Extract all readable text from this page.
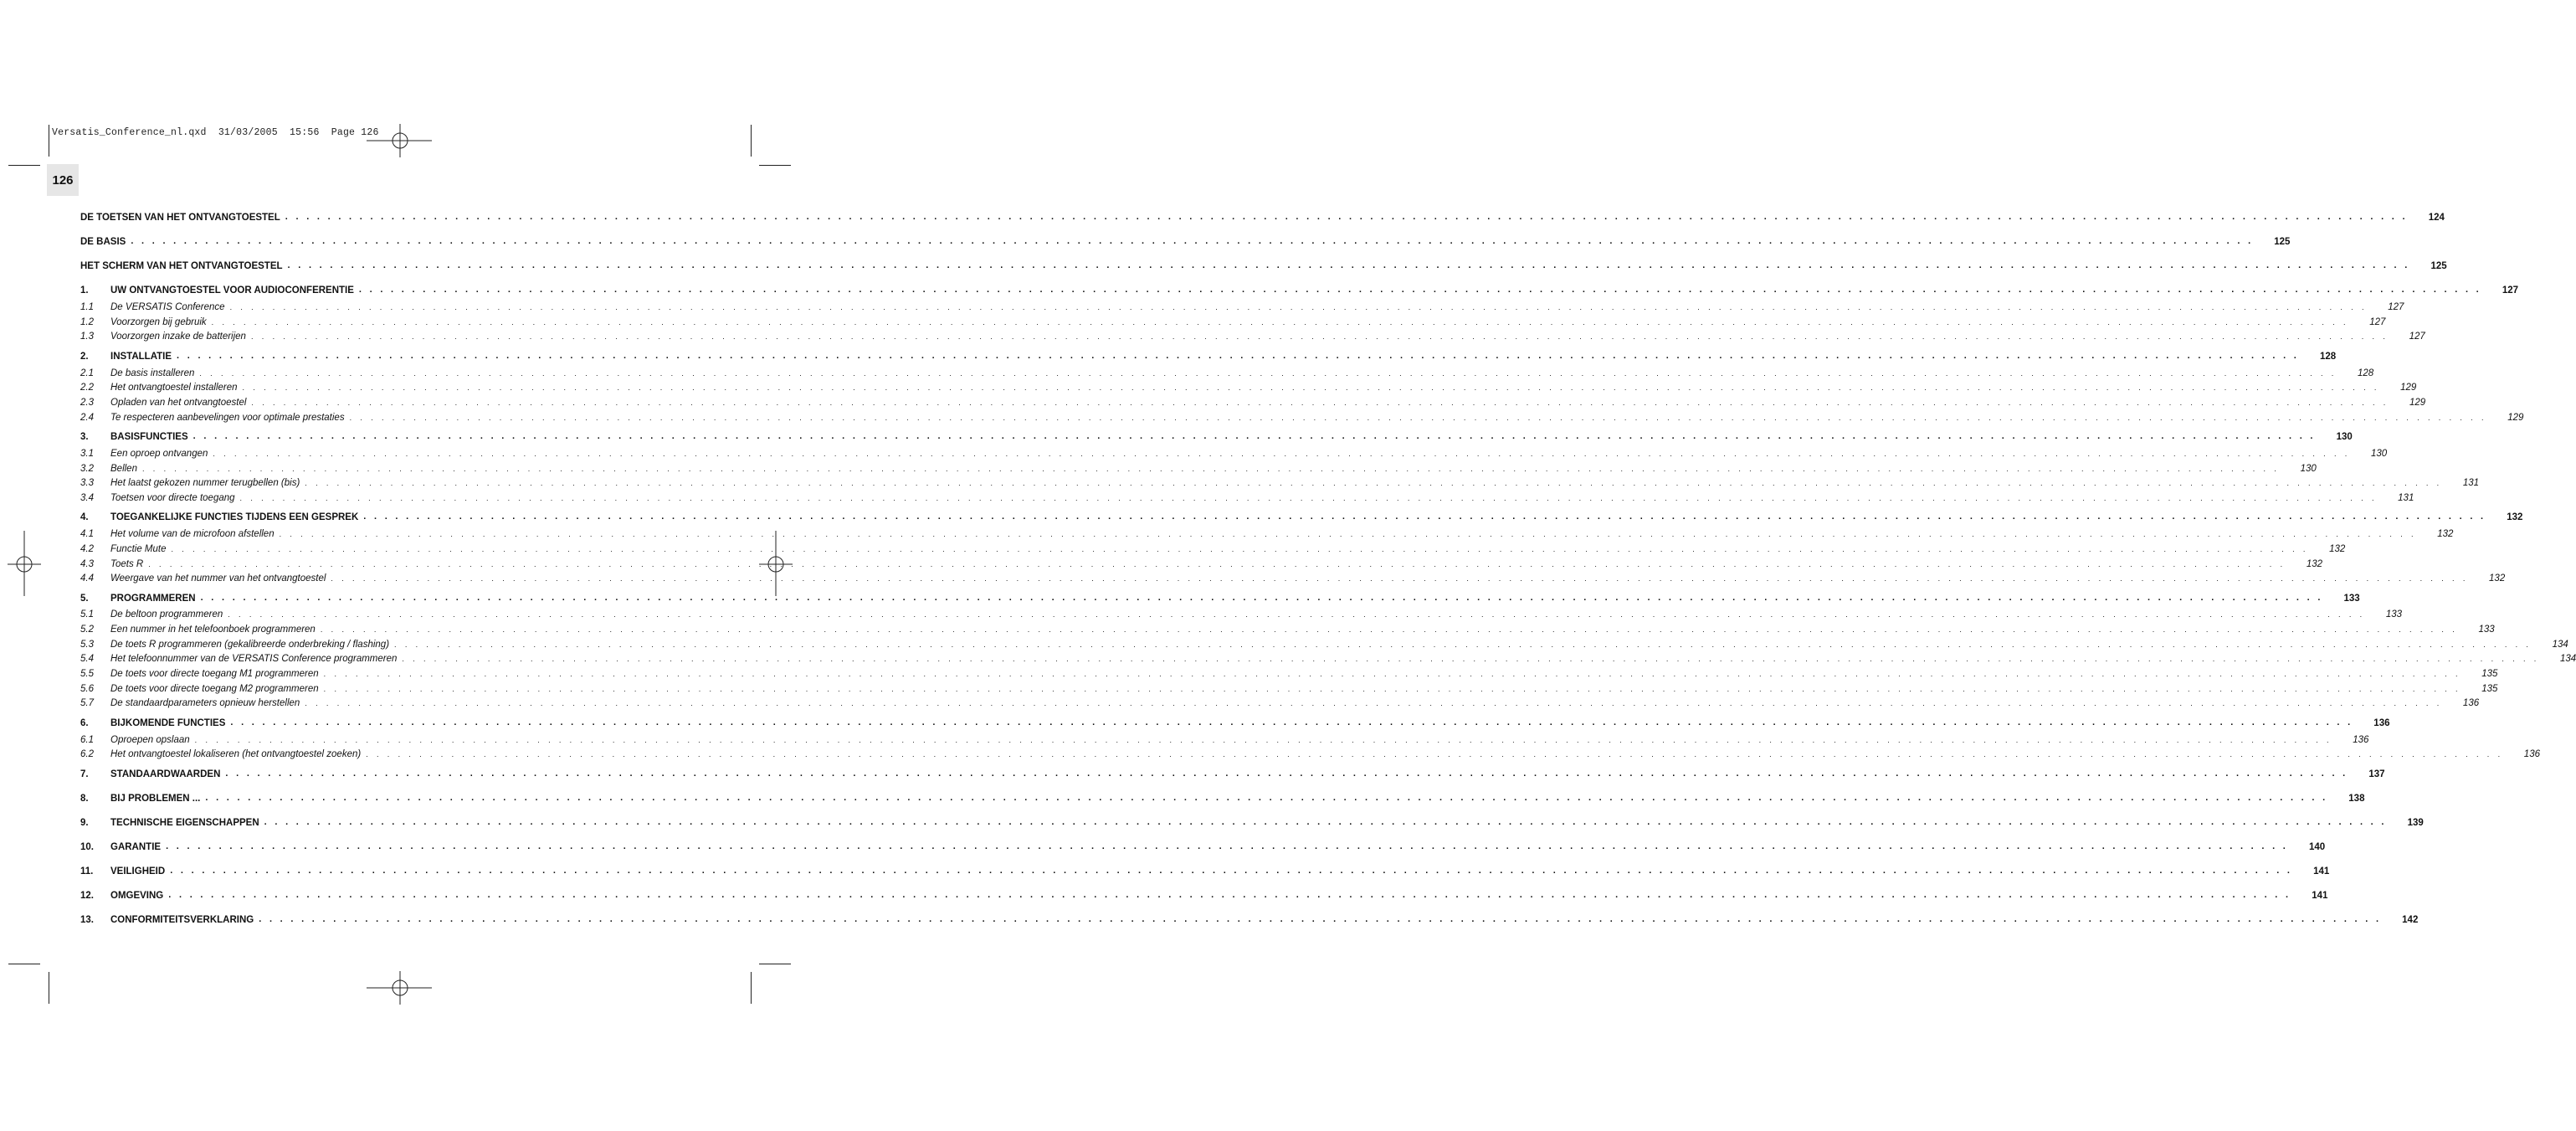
Versatis_Conference_nl.qxd  31/03/2005  15:56  Page 126
126
DE TOETSEN VAN HET ONTVANGTOESTEL . . . . . . . . . . . . . . . . . . . . . . . . . . . . . . . . . . . . . . . . . . . . . . . . . . . . . . . . . . . . . . . . . . . . . . . . . . . . . . . . . . . . . . . . . . . . . . . . . . . . . . . . . . . . . . . . . . . . . . . . . . . . . . . . . . . . . . . . . . . . . . . . . . . . . . . . . . . . . . . . . . . . . . . . . . . . . . . . . . . . . . . . . . . . . . . . . . . . . . . .	124
DE BASIS . . . . . . . . . . . . . . . . . . . . . . . . . . . . . . . . . . . . . . . . . . . . . . . . . . . . . . . . . . . . . . . . . . . . . . . . . . . . . . . . . . . . . . . . . . . . . . . . . . . . . . . . . . . . . . . . . . . . . . . . . . . . . . . . . . . . . . . . . . . . . . . . . . . . . . . . . . . . . . . . . . . . . . . . . . . . . . . . . . . . . . . . . . . . . . . . . . . . . . . .	125
HET SCHERM VAN HET ONTVANGTOESTEL . . . . . . . . . . . . . . . . . . . . . . . . . . . . . . . . . . . . . . . . . . . . . . . . . . . . . . . . . . . . . . . . . . . . . . . . . . . . . . . . . . . . . . . . . . . . . . . . . . . . . . . . . . . . . . . . . . . . . . . . . . . . . . . . . . . . . . . . . . . . . . . . . . . . . . . . . . . . . . . . . . . . . . . . . . . . . . . . . . . . . . . . . . . . . . . . . . . . . . . .	125
1.	UW ONTVANGTOESTEL VOOR AUDIOCONFERENTIE . . . . . . . . . . . . . . . . . . . . . . . . . . . . . . . . . . . . . . . . . . . . . . . . . . . . . . . . . . . . . . . . . . . . . . . . . . . . . . . . . . . . . . . . . . . . . . . . . . . . . . . . . . . . . . . . . . . . . . . . . . . . . . . . . . . . . . . . . . . . . . . . . . . . . . . . . . . . . . . . . . . . . . . . . . . . . . . . . . . . . . . . . . . . . . . . . . . . . . . .	127
1.1	De VERSATIS Conference . . . . . . . . . . . . . . . . . . . . . . . . . . . . . . . . . . . . . . . . . . . . . . . . . . . . . . . . . . . . . . . . . . . . . . . . . . . . . . . . . . . . . . . . . . . . . . . . . . . . . . . . . . . . . . . . . . . . . . . . . . . . . . . . . . . . . . . . . . . . . . . . . . . . . . . . . . . . . . . . . . . . . . . . . . . . . . . . . . . . . . . . . . . . . . . . . . . . . . . .	127
1.2	Voorzorgen bij gebruik . . . . . . . . . . . . . . . . . . . . . . . . . . . . . . . . . . . . . . . . . . . . . . . . . . . . . . . . . . . . . . . . . . . . . . . . . . . . . . . . . . . . . . . . . . . . . . . . . . . . . . . . . . . . . . . . . . . . . . . . . . . . . . . . . . . . . . . . . . . . . . . . . . . . . . . . . . . . . . . . . . . . . . . . . . . . . . . . . . . . . . . . . . . . . . . . . . . . . . . .	127
1.3	Voorzorgen inzake de batterijen . . . . . . . . . . . . . . . . . . . . . . . . . . . . . . . . . . . . . . . . . . . . . . . . . . . . . . . . . . . . . . . . . . . . . . . . . . . . . . . . . . . . . . . . . . . . . . . . . . . . . . . . . . . . . . . . . . . . . . . . . . . . . . . . . . . . . . . . . . . . . . . . . . . . . . . . . . . . . . . . . . . . . . . . . . . . . . . . . . . . . . . . . . . . . . . . . . . . . . . .	127
2.	INSTALLATIE . . . . . . . . . . . . . . . . . . . . . . . . . . . . . . . . . . . . . . . . . . . . . . . . . . . . . . . . . . . . . . . . . . . . . . . . . . . . . . . . . . . . . . . . . . . . . . . . . . . . . . . . . . . . . . . . . . . . . . . . . . . . . . . . . . . . . . . . . . . . . . . . . . . . . . . . . . . . . . . . . . . . . . . . . . . . . . . . . . . . . . . . . . . . . . . . . . . . . . . .	128
2.1	De basis installeren . . . . . . . . . . . . . . . . . . . . . . . . . . . . . . . . . . . . . . . . . . . . . . . . . . . . . . . . . . . . . . . . . . . . . . . . . . . . . . . . . . . . . . . . . . . . . . . . . . . . . . . . . . . . . . . . . . . . . . . . . . . . . . . . . . . . . . . . . . . . . . . . . . . . . . . . . . . . . . . . . . . . . . . . . . . . . . . . . . . . . . . . . . . . . . . . . . . . . . . .	128
2.2	Het ontvangtoestel installeren . . . . . . . . . . . . . . . . . . . . . . . . . . . . . . . . . . . . . . . . . . . . . . . . . . . . . . . . . . . . . . . . . . . . . . . . . . . . . . . . . . . . . . . . . . . . . . . . . . . . . . . . . . . . . . . . . . . . . . . . . . . . . . . . . . . . . . . . . . . . . . . . . . . . . . . . . . . . . . . . . . . . . . . . . . . . . . . . . . . . . . . . . . . . . . . . . . . . . . . .	129
2.3	Opladen van het ontvangtoestel . . . . . . . . . . . . . . . . . . . . . . . . . . . . . . . . . . . . . . . . . . . . . . . . . . . . . . . . . . . . . . . . . . . . . . . . . . . . . . . . . . . . . . . . . . . . . . . . . . . . . . . . . . . . . . . . . . . . . . . . . . . . . . . . . . . . . . . . . . . . . . . . . . . . . . . . . . . . . . . . . . . . . . . . . . . . . . . . . . . . . . . . . . . . . . . . . . . . . . . .	129
2.4	Te respecteren aanbevelingen voor optimale prestaties . . . . . . . . . . . . . . . . . . . . . . . . . . . . . . . . . . . . . . . . . . . . . . . . . . . . . . . . . . . . . . . . . . . . . . . . . . . . . . . . . . . . . . . . . . . . . . . . . . . . . . . . . . . . . . . . . . . . . . . . . . . . . . . . . . . . . . . . . . . . . . . . . . . . . . . . . . . . . . . . . . . . . . . . . . . . . . . . . . . . . . . . . . . . . . . . . . . . . . . .	129
3.	BASISFUNCTIES . . . . . . . . . . . . . . . . . . . . . . . . . . . . . . . . . . . . . . . . . . . . . . . . . . . . . . . . . . . . . . . . . . . . . . . . . . . . . . . . . . . . . . . . . . . . . . . . . . . . . . . . . . . . . . . . . . . . . . . . . . . . . . . . . . . . . . . . . . . . . . . . . . . . . . . . . . . . . . . . . . . . . . . . . . . . . . . . . . . . . . . . . . . . . . . . . . . . . . . .	130
3.1	Een oproep ontvangen . . . . . . . . . . . . . . . . . . . . . . . . . . . . . . . . . . . . . . . . . . . . . . . . . . . . . . . . . . . . . . . . . . . . . . . . . . . . . . . . . . . . . . . . . . . . . . . . . . . . . . . . . . . . . . . . . . . . . . . . . . . . . . . . . . . . . . . . . . . . . . . . . . . . . . . . . . . . . . . . . . . . . . . . . . . . . . . . . . . . . . . . . . . . . . . . . . . . . . . .	130
3.2	Bellen . . . . . . . . . . . . . . . . . . . . . . . . . . . . . . . . . . . . . . . . . . . . . . . . . . . . . . . . . . . . . . . . . . . . . . . . . . . . . . . . . . . . . . . . . . . . . . . . . . . . . . . . . . . . . . . . . . . . . . . . . . . . . . . . . . . . . . . . . . . . . . . . . . . . . . . . . . . . . . . . . . . . . . . . . . . . . . . . . . . . . . . . . . . . . . . . . . . . . . . .	130
3.3	Het laatst gekozen nummer terugbellen (bis) . . . . . . . . . . . . . . . . . . . . . . . . . . . . . . . . . . . . . . . . . . . . . . . . . . . . . . . . . . . . . . . . . . . . . . . . . . . . . . . . . . . . . . . . . . . . . . . . . . . . . . . . . . . . . . . . . . . . . . . . . . . . . . . . . . . . . . . . . . . . . . . . . . . . . . . . . . . . . . . . . . . . . . . . . . . . . . . . . . . . . . . . . . . . . . . . . . . . . . . .	131
3.4	Toetsen voor directe toegang . . . . . . . . . . . . . . . . . . . . . . . . . . . . . . . . . . . . . . . . . . . . . . . . . . . . . . . . . . . . . . . . . . . . . . . . . . . . . . . . . . . . . . . . . . . . . . . . . . . . . . . . . . . . . . . . . . . . . . . . . . . . . . . . . . . . . . . . . . . . . . . . . . . . . . . . . . . . . . . . . . . . . . . . . . . . . . . . . . . . . . . . . . . . . . . . . . . . . . . .	131
4.	TOEGANKELIJKE FUNCTIES TIJDENS EEN GESPREK . . . . . . . . . . . . . . . . . . . . . . . . . . . . . . . . . . . . . . . . . . . . . . . . . . . . . . . . . . . . . . . . . . . . . . . . . . . . . . . . . . . . . . . . . . . . . . . . . . . . . . . . . . . . . . . . . . . . . . . . . . . . . . . . . . . . . . . . . . . . . . . . . . . . . . . . . . . . . . . . . . . . . . . . . . . . . . . . . . . . . . . . . . . . . . . . . . . . . . . .	132
4.1	Het volume van de microfoon afstellen . . . . . . . . . . . . . . . . . . . . . . . . . . . . . . . . . . . . . . . . . . . . . . . . . . . . . . . . . . . . . . . . . . . . . . . . . . . . . . . . . . . . . . . . . . . . . . . . . . . . . . . . . . . . . . . . . . . . . . . . . . . . . . . . . . . . . . . . . . . . . . . . . . . . . . . . . . . . . . . . . . . . . . . . . . . . . . . . . . . . . . . . . . . . . . . . . . . . . . . .	132
4.2	Functie Mute . . . . . . . . . . . . . . . . . . . . . . . . . . . . . . . . . . . . . . . . . . . . . . . . . . . . . . . . . . . . . . . . . . . . . . . . . . . . . . . . . . . . . . . . . . . . . . . . . . . . . . . . . . . . . . . . . . . . . . . . . . . . . . . . . . . . . . . . . . . . . . . . . . . . . . . . . . . . . . . . . . . . . . . . . . . . . . . . . . . . . . . . . . . . . . . . . . . . . . . .	132
4.3	Toets R . . . . . . . . . . . . . . . . . . . . . . . . . . . . . . . . . . . . . . . . . . . . . . . . . . . . . . . . . . . . . . . . . . . . . . . . . . . . . . . . . . . . . . . . . . . . . . . . . . . . . . . . . . . . . . . . . . . . . . . . . . . . . . . . . . . . . . . . . . . . . . . . . . . . . . . . . . . . . . . . . . . . . . . . . . . . . . . . . . . . . . . . . . . . . . . . . . . . . . . .	132
4.4	Weergave van het nummer van het ontvangtoestel . . . . . . . . . . . . . . . . . . . . . . . . . . . . . . . . . . . . . . . . . . . . . . . . . . . . . . . . . . . . . . . . . . . . . . . . . . . . . . . . . . . . . . . . . . . . . . . . . . . . . . . . . . . . . . . . . . . . . . . . . . . . . . . . . . . . . . . . . . . . . . . . . . . . . . . . . . . . . . . . . . . . . . . . . . . . . . . . . . . . . . . . . . . . . . . . . . . . . . . .	132
5.	PROGRAMMEREN . . . . . . . . . . . . . . . . . . . . . . . . . . . . . . . . . . . . . . . . . . . . . . . . . . . . . . . . . . . . . . . . . . . . . . . . . . . . . . . . . . . . . . . . . . . . . . . . . . . . . . . . . . . . . . . . . . . . . . . . . . . . . . . . . . . . . . . . . . . . . . . . . . . . . . . . . . . . . . . . . . . . . . . . . . . . . . . . . . . . . . . . . . . . . . . . . . . . . . . .	133
5.1	De beltoon programmeren . . . . . . . . . . . . . . . . . . . . . . . . . . . . . . . . . . . . . . . . . . . . . . . . . . . . . . . . . . . . . . . . . . . . . . . . . . . . . . . . . . . . . . . . . . . . . . . . . . . . . . . . . . . . . . . . . . . . . . . . . . . . . . . . . . . . . . . . . . . . . . . . . . . . . . . . . . . . . . . . . . . . . . . . . . . . . . . . . . . . . . . . . . . . . . . . . . . . . . . .	133
5.2	Een nummer in het telefoonboek programmeren . . . . . . . . . . . . . . . . . . . . . . . . . . . . . . . . . . . . . . . . . . . . . . . . . . . . . . . . . . . . . . . . . . . . . . . . . . . . . . . . . . . . . . . . . . . . . . . . . . . . . . . . . . . . . . . . . . . . . . . . . . . . . . . . . . . . . . . . . . . . . . . . . . . . . . . . . . . . . . . . . . . . . . . . . . . . . . . . . . . . . . . . . . . . . . . . . . . . . . . .	133
5.3	De toets R programmeren (gekalibreerde onderbreking / flashing) . . . . . . . . . . . . . . . . . . . . . . . . . . . . . . . . . . . . . . . . . . . . . . . . . . . . . . . . . . . . . . . . . . . . . . . . . . . . . . . . . . . . . . . . . . . . . . . . . . . . . . . . . . . . . . . . . . . . . . . . . . . . . . . . . . . . . . . . . . . . . . . . . . . . . . . . . . . . . . . . . . . . . . . . . . . . . . . . . . . . . . . . . . . . . . . . . . . . . . . .	134
5.4	Het telefoonnummer van de VERSATIS Conference programmeren . . . . . . . . . . . . . . . . . . . . . . . . . . . . . . . . . . . . . . . . . . . . . . . . . . . . . . . . . . . . . . . . . . . . . . . . . . . . . . . . . . . . . . . . . . . . . . . . . . . . . . . . . . . . . . . . . . . . . . . . . . . . . . . . . . . . . . . . . . . . . . . . . . . . . . . . . . . . . . . . . . . . . . . . . . . . . . . . . . . . . . . . . . . . . . . . . . . . . . . .	134
5.5	De toets voor directe toegang M1 programmeren . . . . . . . . . . . . . . . . . . . . . . . . . . . . . . . . . . . . . . . . . . . . . . . . . . . . . . . . . . . . . . . . . . . . . . . . . . . . . . . . . . . . . . . . . . . . . . . . . . . . . . . . . . . . . . . . . . . . . . . . . . . . . . . . . . . . . . . . . . . . . . . . . . . . . . . . . . . . . . . . . . . . . . . . . . . . . . . . . . . . . . . . . . . . . . . . . . . . . . . .	135
5.6	De toets voor directe toegang M2 programmeren . . . . . . . . . . . . . . . . . . . . . . . . . . . . . . . . . . . . . . . . . . . . . . . . . . . . . . . . . . . . . . . . . . . . . . . . . . . . . . . . . . . . . . . . . . . . . . . . . . . . . . . . . . . . . . . . . . . . . . . . . . . . . . . . . . . . . . . . . . . . . . . . . . . . . . . . . . . . . . . . . . . . . . . . . . . . . . . . . . . . . . . . . . . . . . . . . . . . . . . .	135
5.7	De standaardparameters opnieuw herstellen . . . . . . . . . . . . . . . . . . . . . . . . . . . . . . . . . . . . . . . . . . . . . . . . . . . . . . . . . . . . . . . . . . . . . . . . . . . . . . . . . . . . . . . . . . . . . . . . . . . . . . . . . . . . . . . . . . . . . . . . . . . . . . . . . . . . . . . . . . . . . . . . . . . . . . . . . . . . . . . . . . . . . . . . . . . . . . . . . . . . . . . . . . . . . . . . . . . . . . . .	136
6.	BIJKOMENDE FUNCTIES . . . . . . . . . . . . . . . . . . . . . . . . . . . . . . . . . . . . . . . . . . . . . . . . . . . . . . . . . . . . . . . . . . . . . . . . . . . . . . . . . . . . . . . . . . . . . . . . . . . . . . . . . . . . . . . . . . . . . . . . . . . . . . . . . . . . . . . . . . . . . . . . . . . . . . . . . . . . . . . . . . . . . . . . . . . . . . . . . . . . . . . . . . . . . . . . . . . . . . . .	136
6.1	Oproepen opslaan . . . . . . . . . . . . . . . . . . . . . . . . . . . . . . . . . . . . . . . . . . . . . . . . . . . . . . . . . . . . . . . . . . . . . . . . . . . . . . . . . . . . . . . . . . . . . . . . . . . . . . . . . . . . . . . . . . . . . . . . . . . . . . . . . . . . . . . . . . . . . . . . . . . . . . . . . . . . . . . . . . . . . . . . . . . . . . . . . . . . . . . . . . . . . . . . . . . . . . . .	136
6.2	Het ontvangtoestel lokaliseren (het ontvangtoestel zoeken) . . . . . . . . . . . . . . . . . . . . . . . . . . . . . . . . . . . . . . . . . . . . . . . . . . . . . . . . . . . . . . . . . . . . . . . . . . . . . . . . . . . . . . . . . . . . . . . . . . . . . . . . . . . . . . . . . . . . . . . . . . . . . . . . . . . . . . . . . . . . . . . . . . . . . . . . . . . . . . . . . . . . . . . . . . . . . . . . . . . . . . . . . . . . . . . . . . . . . . . .	136
7.	STANDAARDWAARDEN . . . . . . . . . . . . . . . . . . . . . . . . . . . . . . . . . . . . . . . . . . . . . . . . . . . . . . . . . . . . . . . . . . . . . . . . . . . . . . . . . . . . . . . . . . . . . . . . . . . . . . . . . . . . . . . . . . . . . . . . . . . . . . . . . . . . . . . . . . . . . . . . . . . . . . . . . . . . . . . . . . . . . . . . . . . . . . . . . . . . . . . . . . . . . . . . . . . . . . . .	137
8.	BIJ PROBLEMEN ... . . . . . . . . . . . . . . . . . . . . . . . . . . . . . . . . . . . . . . . . . . . . . . . . . . . . . . . . . . . . . . . . . . . . . . . . . . . . . . . . . . . . . . . . . . . . . . . . . . . . . . . . . . . . . . . . . . . . . . . . . . . . . . . . . . . . . . . . . . . . . . . . . . . . . . . . . . . . . . . . . . . . . . . . . . . . . . . . . . . . . . . . . . . . . . . . . . . . . . . .	138
9.	TECHNISCHE EIGENSCHAPPEN . . . . . . . . . . . . . . . . . . . . . . . . . . . . . . . . . . . . . . . . . . . . . . . . . . . . . . . . . . . . . . . . . . . . . . . . . . . . . . . . . . . . . . . . . . . . . . . . . . . . . . . . . . . . . . . . . . . . . . . . . . . . . . . . . . . . . . . . . . . . . . . . . . . . . . . . . . . . . . . . . . . . . . . . . . . . . . . . . . . . . . . . . . . . . . . . . . . . . . . .	139
10.	GARANTIE . . . . . . . . . . . . . . . . . . . . . . . . . . . . . . . . . . . . . . . . . . . . . . . . . . . . . . . . . . . . . . . . . . . . . . . . . . . . . . . . . . . . . . . . . . . . . . . . . . . . . . . . . . . . . . . . . . . . . . . . . . . . . . . . . . . . . . . . . . . . . . . . . . . . . . . . . . . . . . . . . . . . . . . . . . . . . . . . . . . . . . . . . . . . . . . . . . . . . . . .	140
11.	VEILIGHEID . . . . . . . . . . . . . . . . . . . . . . . . . . . . . . . . . . . . . . . . . . . . . . . . . . . . . . . . . . . . . . . . . . . . . . . . . . . . . . . . . . . . . . . . . . . . . . . . . . . . . . . . . . . . . . . . . . . . . . . . . . . . . . . . . . . . . . . . . . . . . . . . . . . . . . . . . . . . . . . . . . . . . . . . . . . . . . . . . . . . . . . . . . . . . . . . . . . . . . . .	141
12.	OMGEVING . . . . . . . . . . . . . . . . . . . . . . . . . . . . . . . . . . . . . . . . . . . . . . . . . . . . . . . . . . . . . . . . . . . . . . . . . . . . . . . . . . . . . . . . . . . . . . . . . . . . . . . . . . . . . . . . . . . . . . . . . . . . . . . . . . . . . . . . . . . . . . . . . . . . . . . . . . . . . . . . . . . . . . . . . . . . . . . . . . . . . . . . . . . . . . . . . . . . . . . .	141
13.	CONFORMITEITSVERKLARING . . . . . . . . . . . . . . . . . . . . . . . . . . . . . . . . . . . . . . . . . . . . . . . . . . . . . . . . . . . . . . . . . . . . . . . . . . . . . . . . . . . . . . . . . . . . . . . . . . . . . . . . . . . . . . . . . . . . . . . . . . . . . . . . . . . . . . . . . . . . . . . . . . . . . . . . . . . . . . . . . . . . . . . . . . . . . . . . . . . . . . . . . . . . . . . . . . . . . . . .	142
